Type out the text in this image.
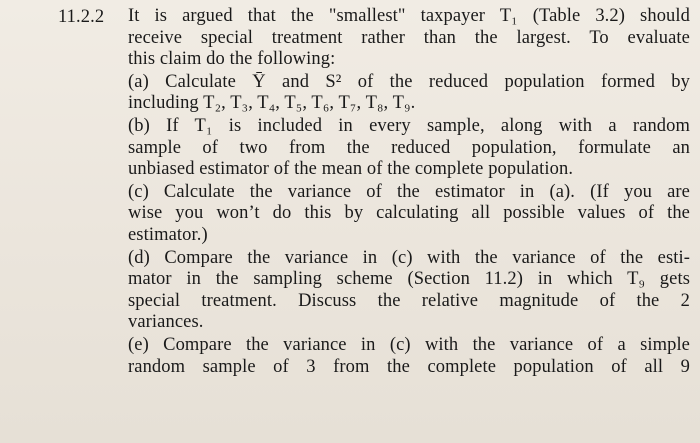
11.2.2 It is argued that the "smallest" taxpayer T₁ (Table 3.2) should
receive special treatment rather than the largest. To evaluate
this claim do the following:
(a) Calculate Ȳ and S² of the reduced population formed by
including T₂, T₃, T₄, T₅, T₆, T₇, T₈, T₉.
(b) If T₁ is included in every sample, along with a random
sample of two from the reduced population, formulate an
unbiased estimator of the mean of the complete population.
(c) Calculate the variance of the estimator in (a). (If you are
wise you won’t do this by calculating all possible values of the
estimator.)
(d) Compare the variance in (c) with the variance of the esti-
mator in the sampling scheme (Section 11.2) in which T₉ gets
special treatment. Discuss the relative magnitude of the 2
variances.
(e) Compare the variance in (c) with the variance of a simple
random sample of 3 from the complete population of all 9
